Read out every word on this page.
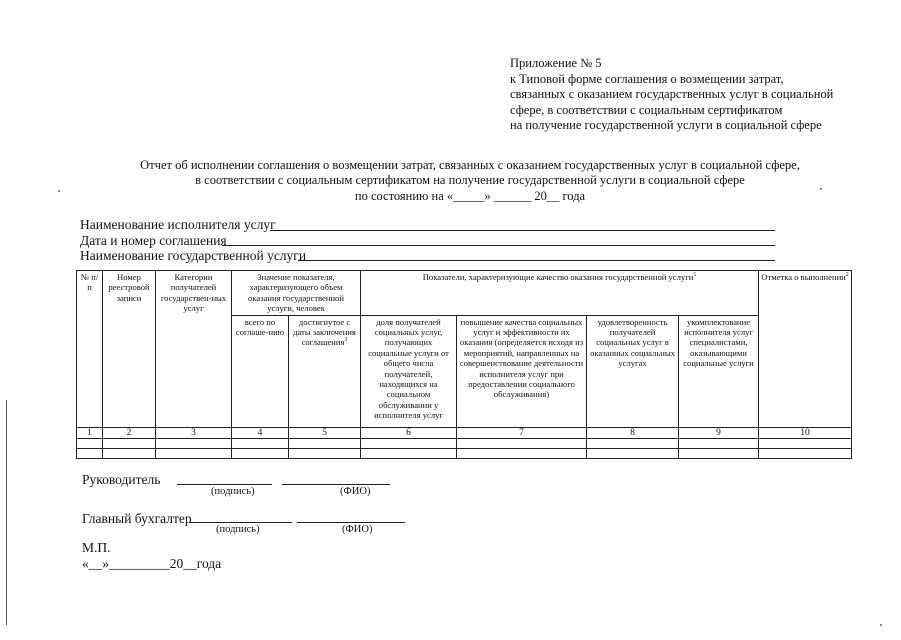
Приложение № 5
к Типовой форме соглашения о возмещении затрат,
связанных с оказанием государственных услуг в социальной
сфере, в соответствии с социальным сертификатом
на получение государственной услуги в социальной сфере
Отчет об исполнении соглашения о возмещении затрат, связанных с оказанием государственных услуг в социальной сфере,
в соответствии с социальным сертификатом на получение государственной услуги в социальной сфере
по состоянию на «_____» ______ 20__ года
Наименование исполнителя услуг
Дата и номер соглашения
Наименование государственной услуги
№ п/п	Номер реестровой записи	Категории получателей государствен-ных услуг	Значение показателя, характеризующего объем оказания государственной услуги, человек		Показатели, характеризующие качество оказания государственной услуги$^1$				Отметка о выполнении$^2$
			всего по соглаше-нию	достигнутое с даты заключения соглашения$^3$	доля получателей социальных услуг, получающих социальные услуги от общего числа получателей, находящихся на социальном обслуживании у исполнителя услуг	повышение качества социальных услуг и эффективности их оказания (определяется исходя из мероприятий, направленных на совершенствование деятельности исполнителя услуг при предоставлении социального обслуживания)	удовлетворенность получателей социальных услуг в оказанных социальных услугах	укомплектование исполнителя услуг специалистами, оказывающими социальные услуги	
1	2	3	4	5	6	7	8	9	10

Руководитель
(подпись)	(ФИО)
Главный бухгалтер
(подпись)	(ФИО)
М.П.
«__»_________20__года
